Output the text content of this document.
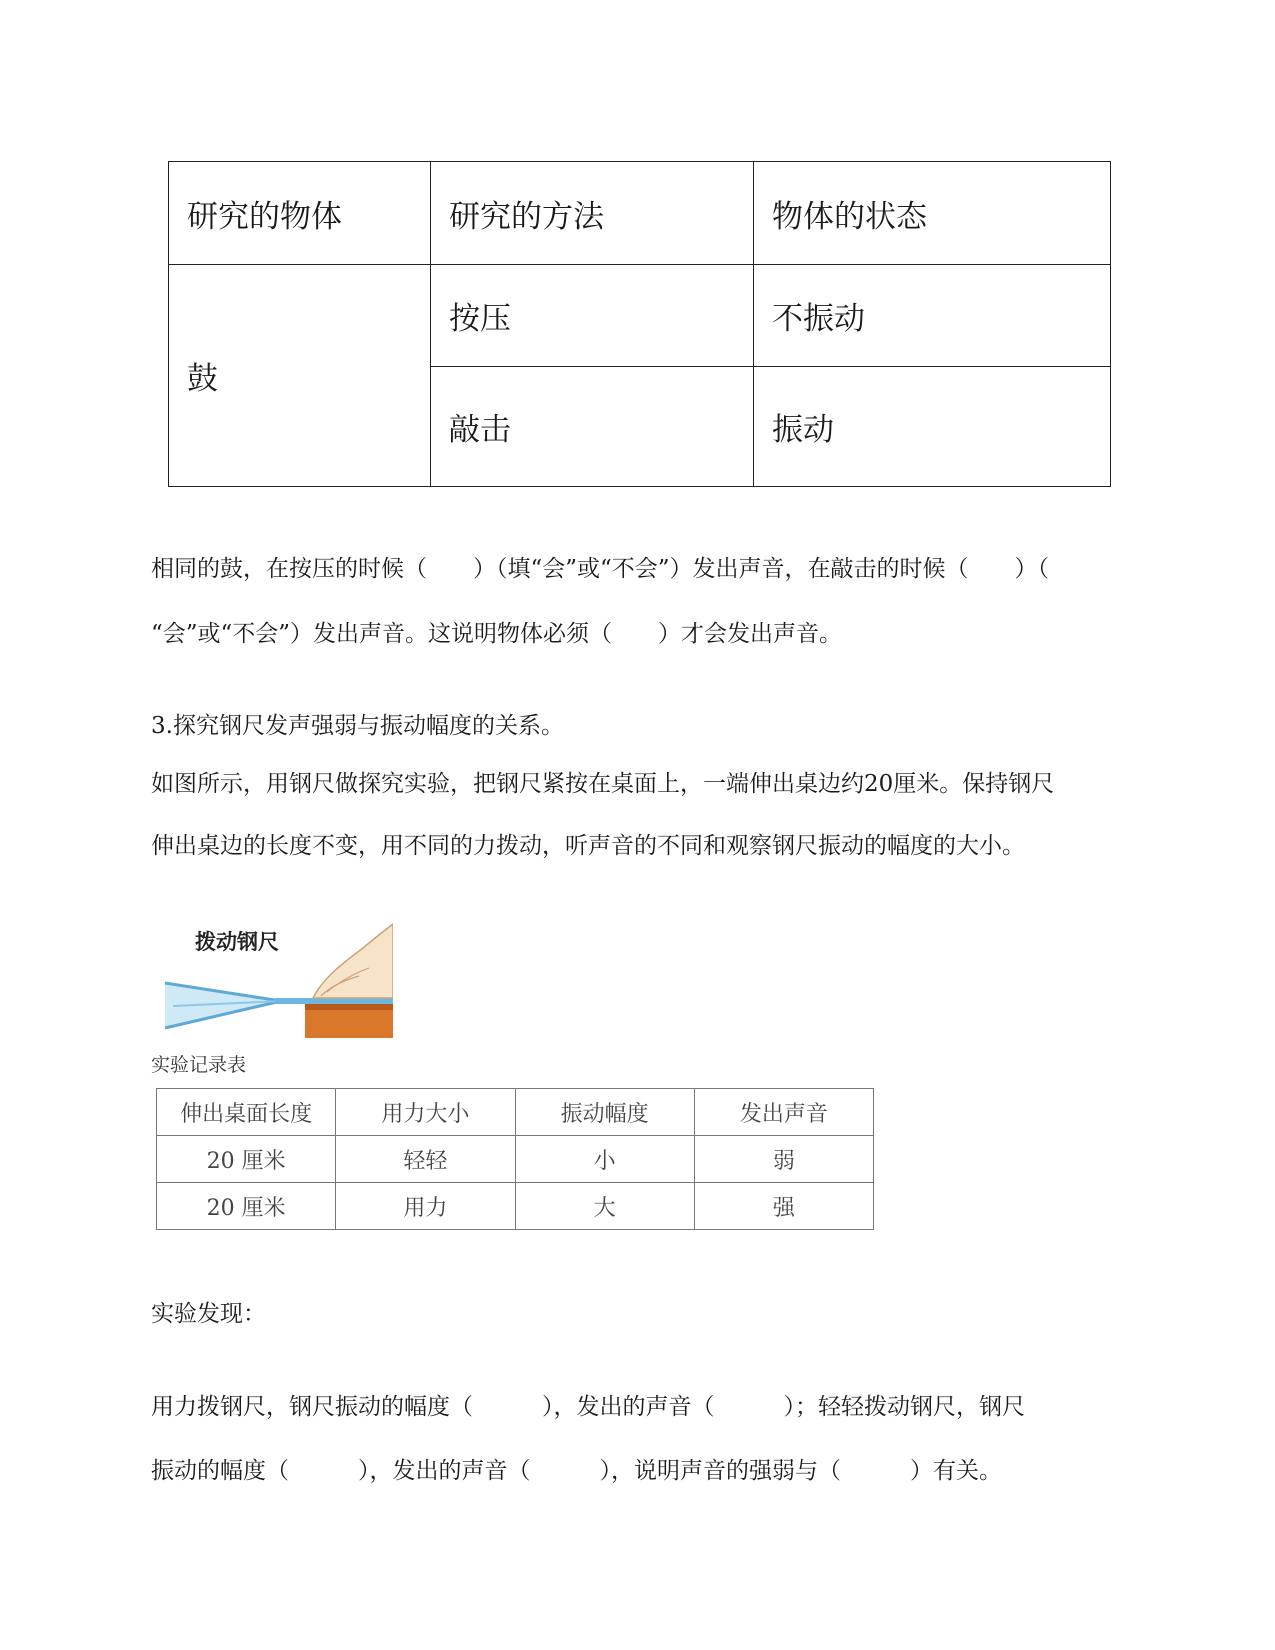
研究的物体	研究的方法	物体的状态
鼓	按压	不振动
	敲击	振动
相同的鼓，在按压的时候（　　）（填“会”或“不会”）发出声音，在敲击的时候（　　）（
“会”或“不会”）发出声音。这说明物体必须（　　）才会发出声音。
3.探究钢尺发声强弱与振动幅度的关系。
如图所示，用钢尺做探究实验，把钢尺紧按在桌面上，一端伸出桌边约20厘米。保持钢尺
伸出桌边的长度不变，用不同的力拨动，听声音的不同和观察钢尺振动的幅度的大小。
拨动钢尺
实验记录表
伸出桌面长度	用力大小	振动幅度	发出声音
20 厘米	轻轻	小	弱
20 厘米	用力	大	强
实验发现：
用力拨钢尺，钢尺振动的幅度（　　　），发出的声音（　　　）；轻轻拨动钢尺，钢尺
振动的幅度（　　　），发出的声音（　　　），说明声音的强弱与（　　　）有关。
